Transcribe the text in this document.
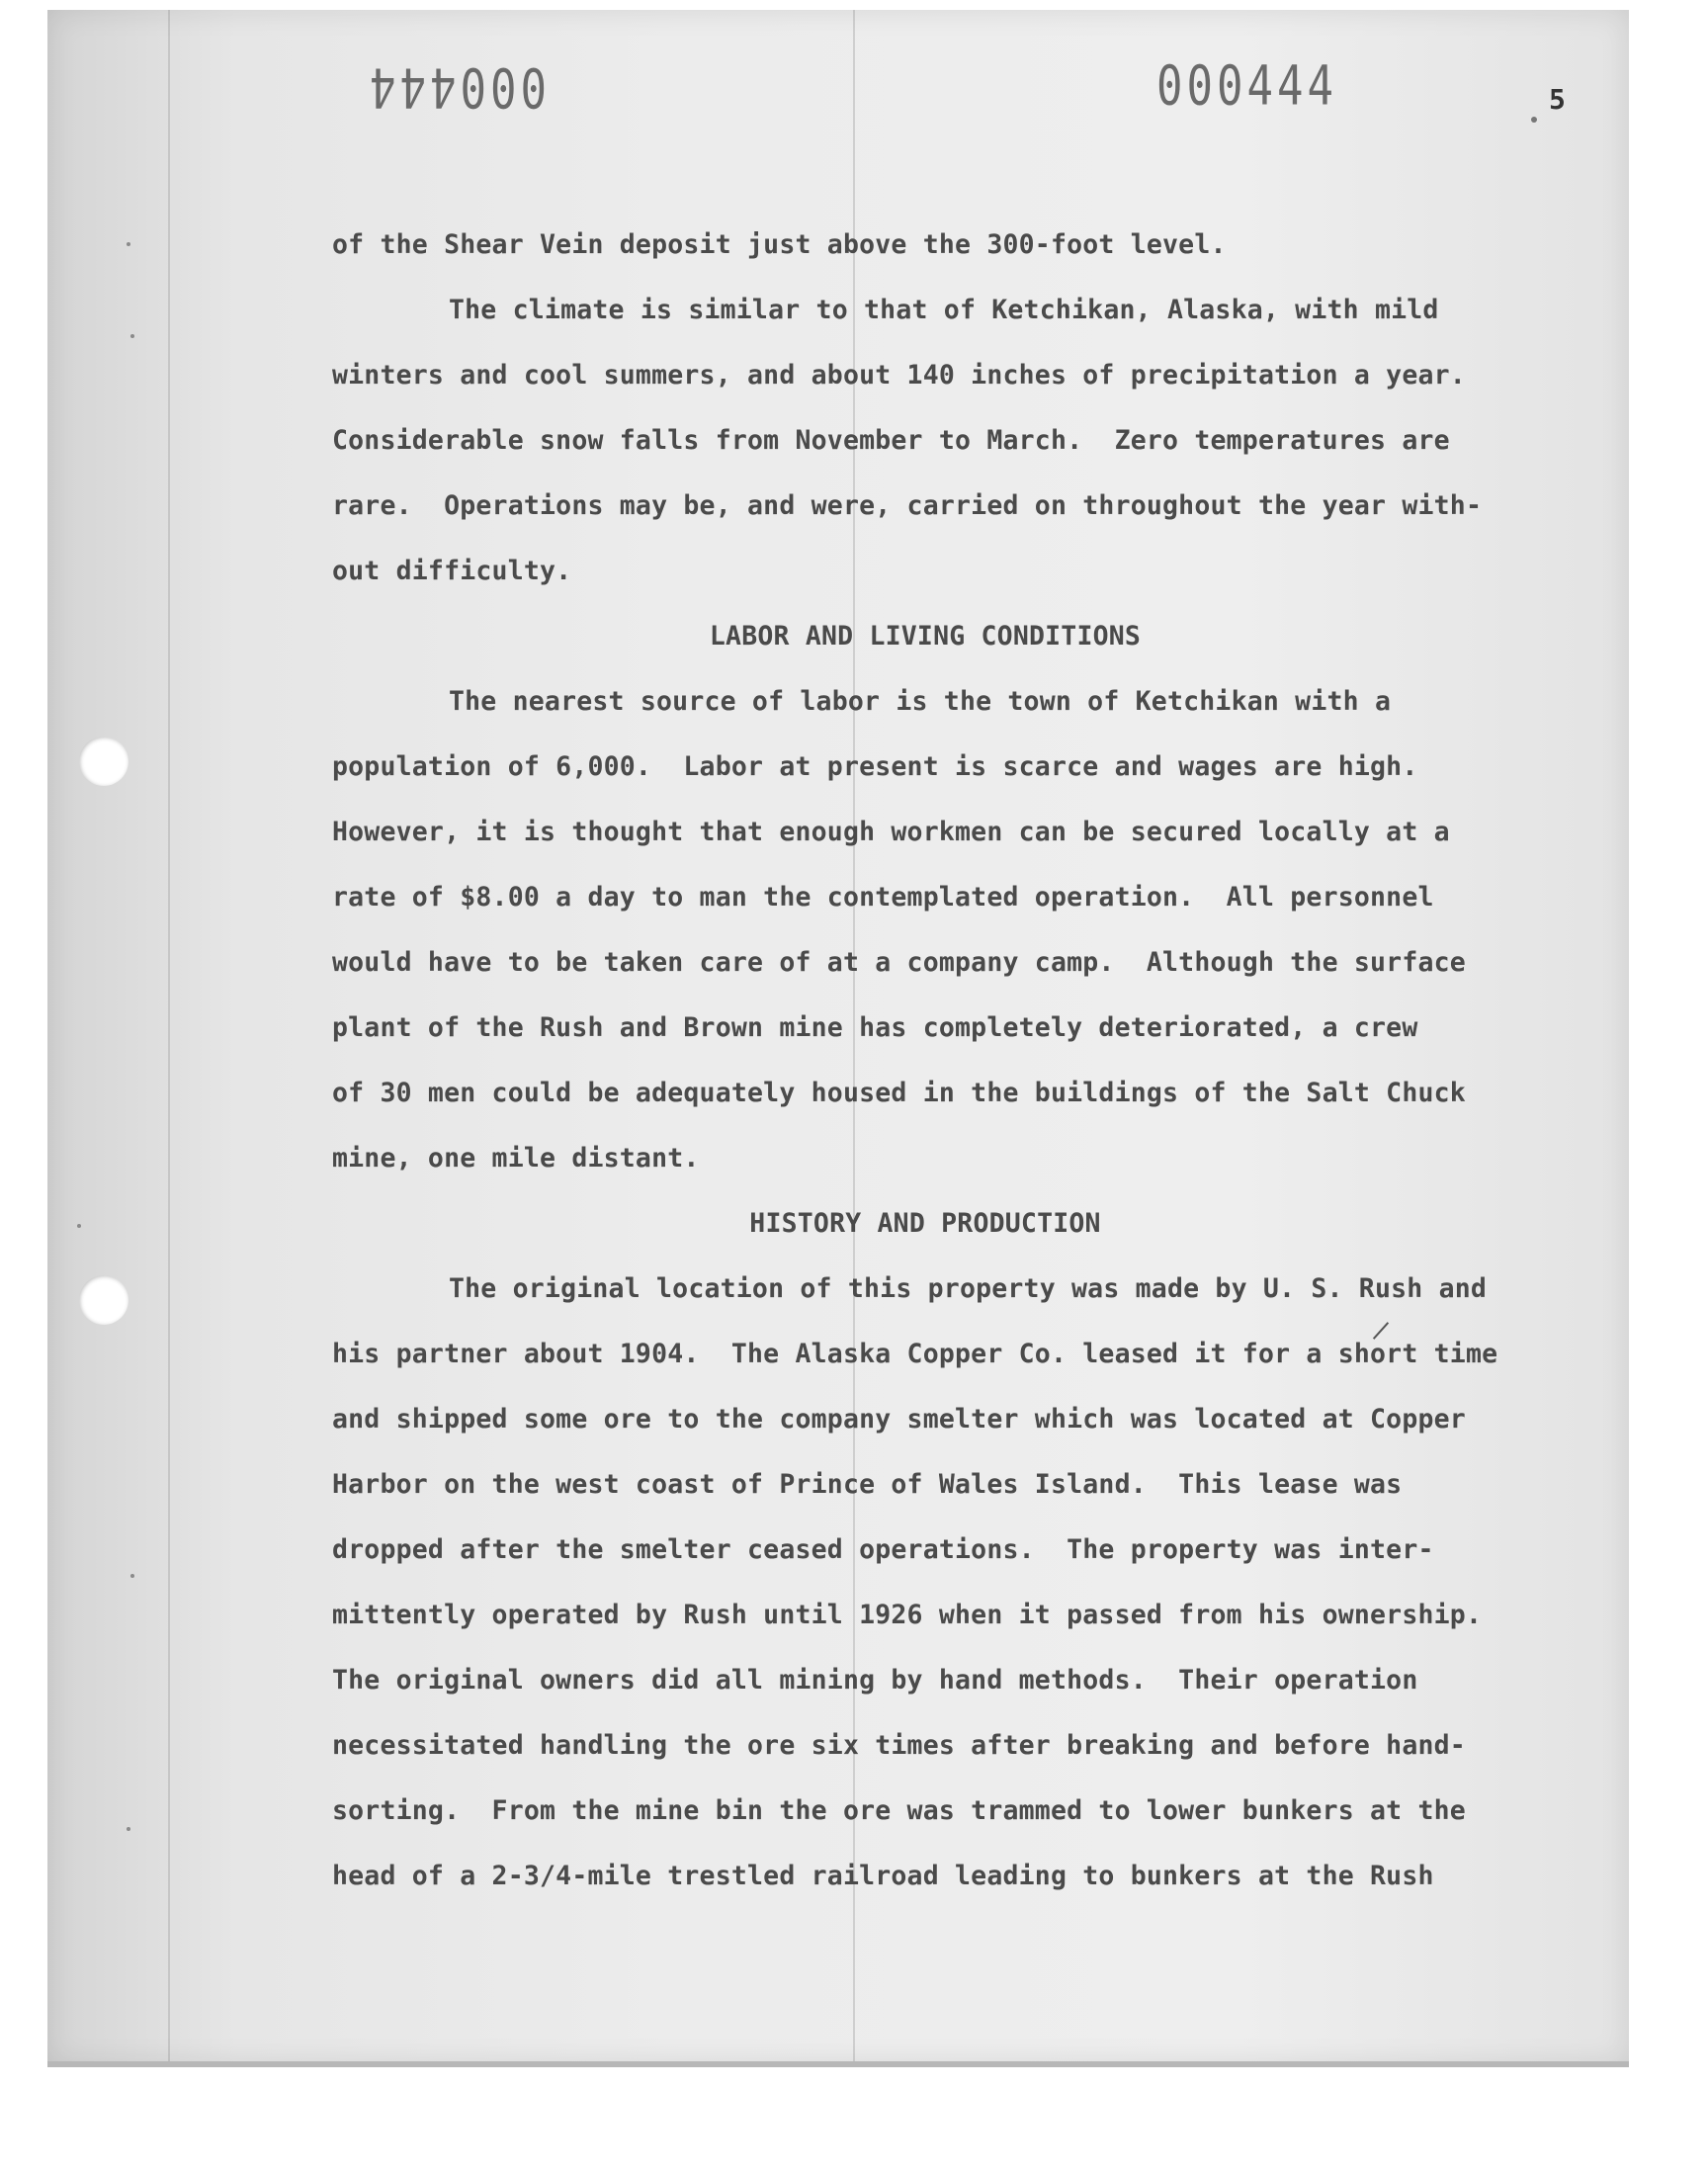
000444	000444	5
of the Shear Vein deposit just above the 300-foot level.
The climate is similar to that of Ketchikan, Alaska, with mild
winters and cool summers, and about 140 inches of precipitation a year.
Considerable snow falls from November to March.  Zero temperatures are
rare.  Operations may be, and were, carried on throughout the year with-
out difficulty.
LABOR AND LIVING CONDITIONS
The nearest source of labor is the town of Ketchikan with a
population of 6,000.  Labor at present is scarce and wages are high.
However, it is thought that enough workmen can be secured locally at a
rate of $8.00 a day to man the contemplated operation.  All personnel
would have to be taken care of at a company camp.  Although the surface
plant of the Rush and Brown mine has completely deteriorated, a crew
of 30 men could be adequately housed in the buildings of the Salt Chuck
mine, one mile distant.
HISTORY AND PRODUCTION
The original location of this property was made by U. S. Rush and
his partner about 1904.  The Alaska Copper Co. leased it for a short time
and shipped some ore to the company smelter which was located at Copper
Harbor on the west coast of Prince of Wales Island.  This lease was
dropped after the smelter ceased operations.  The property was inter-
mittently operated by Rush until 1926 when it passed from his ownership.
The original owners did all mining by hand methods.  Their operation
necessitated handling the ore six times after breaking and before hand-
sorting.  From the mine bin the ore was trammed to lower bunkers at the
head of a 2-3/4-mile trestled railroad leading to bunkers at the Rush
